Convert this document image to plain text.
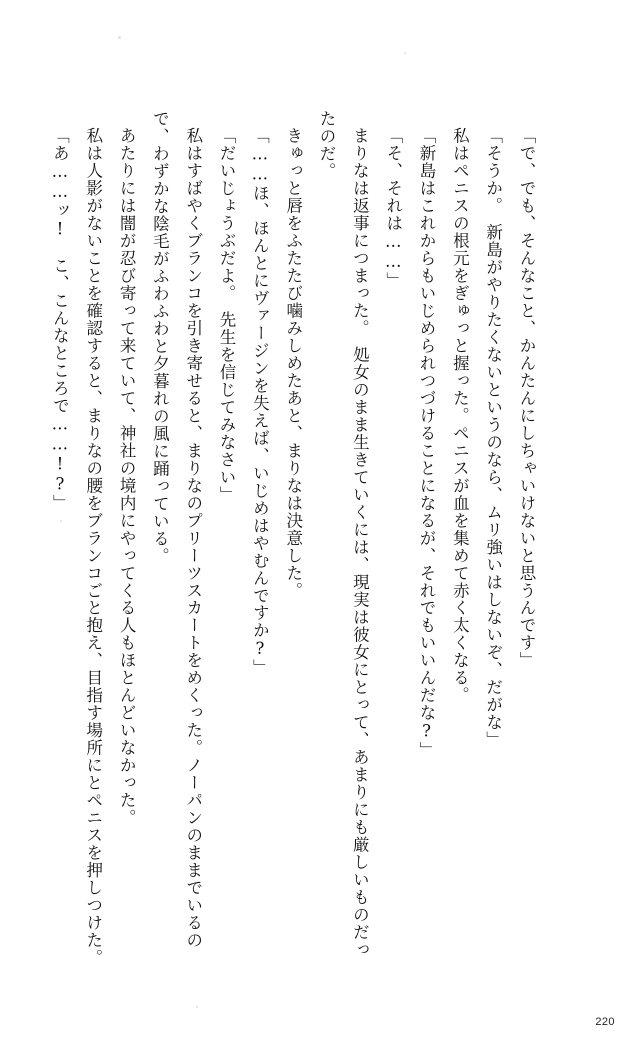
「で、でも、そんなこと、かんたんにしちゃいけないと思うんです」

「そうか。　新島がやりたくないというのなら、ムリ強いはしないぞ、だがな」

私はペニスの根元をぎゅっと握った。ペニスが血を集めて赤く太くなる。

「新島はこれからもいじめられつづけることになるが、それでもいいんだな?」

「そ、それは……」

まりなは返事につまった。　処女のまま生きていくには、現実は彼女にとって、あまりにも厳しいものだったのだ。

きゅっと唇をふたたび噛みしめたあと、まりなは決意した。

「……ほ、ほんとにヴァージンを失えば、いじめはやむんですか?」

「だいじょうぶだよ。　先生を信じてみなさい」

私はすばやくブランコを引き寄せると、まりなのプリーツスカートをめくった。ノーパンのままでいるので、わずかな陰毛がふわふわと夕暮れの風に踊っている。

あたりには闇が忍び寄って来ていて、神社の境内にやってくる人もほとんどいなかった。

私は人影がないことを確認すると、まりなの腰をブランコごと抱え、目指す場所にとペニスを押しつけた。

「あ……ッ!　こ、こんなところで……!?」

220
